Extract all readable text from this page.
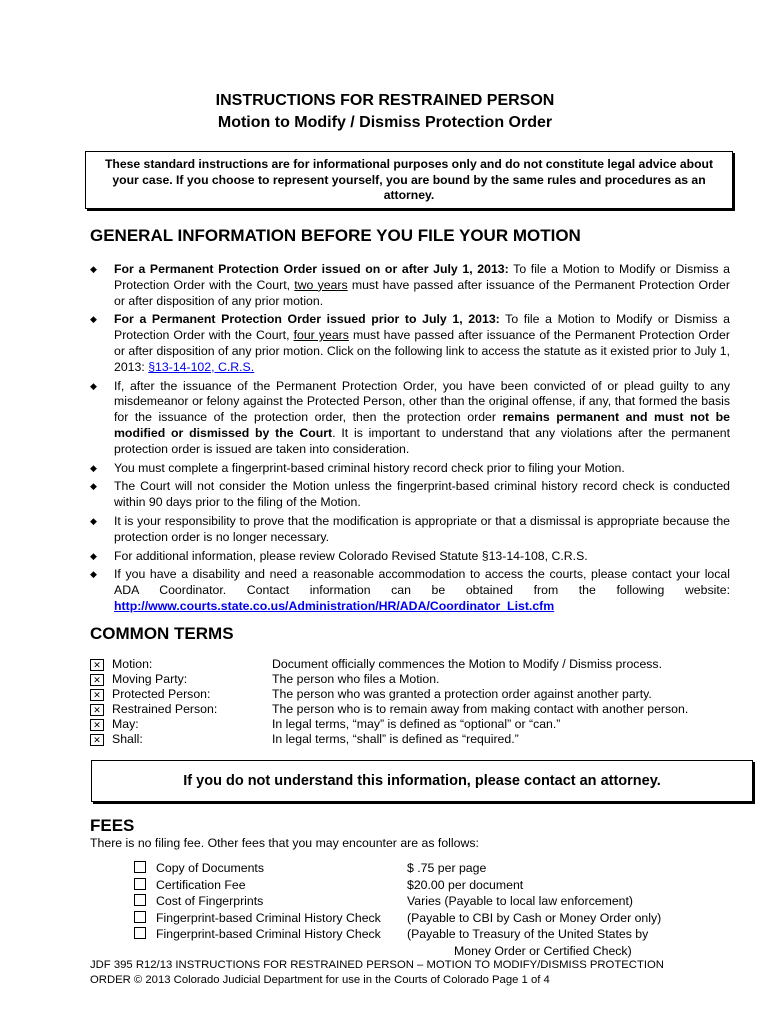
INSTRUCTIONS FOR RESTRAINED PERSON
Motion to Modify / Dismiss Protection Order
These standard instructions are for informational purposes only and do not constitute legal advice about your case. If you choose to represent yourself, you are bound by the same rules and procedures as an attorney.
GENERAL INFORMATION BEFORE YOU FILE YOUR MOTION
◆ For a Permanent Protection Order issued on or after July 1, 2013: To file a Motion to Modify or Dismiss a Protection Order with the Court, two years must have passed after issuance of the Permanent Protection Order or after disposition of any prior motion.
◆ For a Permanent Protection Order issued prior to July 1, 2013: To file a Motion to Modify or Dismiss a Protection Order with the Court, four years must have passed after issuance of the Permanent Protection Order or after disposition of any prior motion. Click on the following link to access the statute as it existed prior to July 1, 2013: §13-14-102, C.R.S.
◆ If, after the issuance of the Permanent Protection Order, you have been convicted of or plead guilty to any misdemeanor or felony against the Protected Person, other than the original offense, if any, that formed the basis for the issuance of the protection order, then the protection order remains permanent and must not be modified or dismissed by the Court. It is important to understand that any violations after the permanent protection order is issued are taken into consideration.
◆ You must complete a fingerprint-based criminal history record check prior to filing your Motion.
◆ The Court will not consider the Motion unless the fingerprint-based criminal history record check is conducted within 90 days prior to the filing of the Motion.
◆ It is your responsibility to prove that the modification is appropriate or that a dismissal is appropriate because the protection order is no longer necessary.
◆ For additional information, please review Colorado Revised Statute §13-14-108, C.R.S.
◆ If you have a disability and need a reasonable accommodation to access the courts, please contact your local ADA Coordinator. Contact information can be obtained from the following website: http://www.courts.state.co.us/Administration/HR/ADA/Coordinator_List.cfm
COMMON TERMS
✕ Motion:	Document officially commences the Motion to Modify / Dismiss process.
✕ Moving Party:	The person who files a Motion.
✕ Protected Person:	The person who was granted a protection order against another party.
✕ Restrained Person:	The person who is to remain away from making contact with another person.
✕ May:	In legal terms, “may” is defined as “optional” or “can.”
✕ Shall:	In legal terms, “shall” is defined as “required.”
If you do not understand this information, please contact an attorney.
FEES
There is no filing fee. Other fees that you may encounter are as follows:
Copy of Documents	$ .75 per page
Certification Fee	$20.00 per document
Cost of Fingerprints	Varies (Payable to local law enforcement)
Fingerprint-based Criminal History Check	(Payable to CBI by Cash or Money Order only)
Fingerprint-based Criminal History Check	(Payable to Treasury of the United States by
Money Order or Certified Check)
JDF 395 R12/13 INSTRUCTIONS FOR RESTRAINED PERSON – MOTION TO MODIFY/DISMISS PROTECTION
ORDER © 2013 Colorado Judicial Department for use in the Courts of Colorado Page 1 of 4
